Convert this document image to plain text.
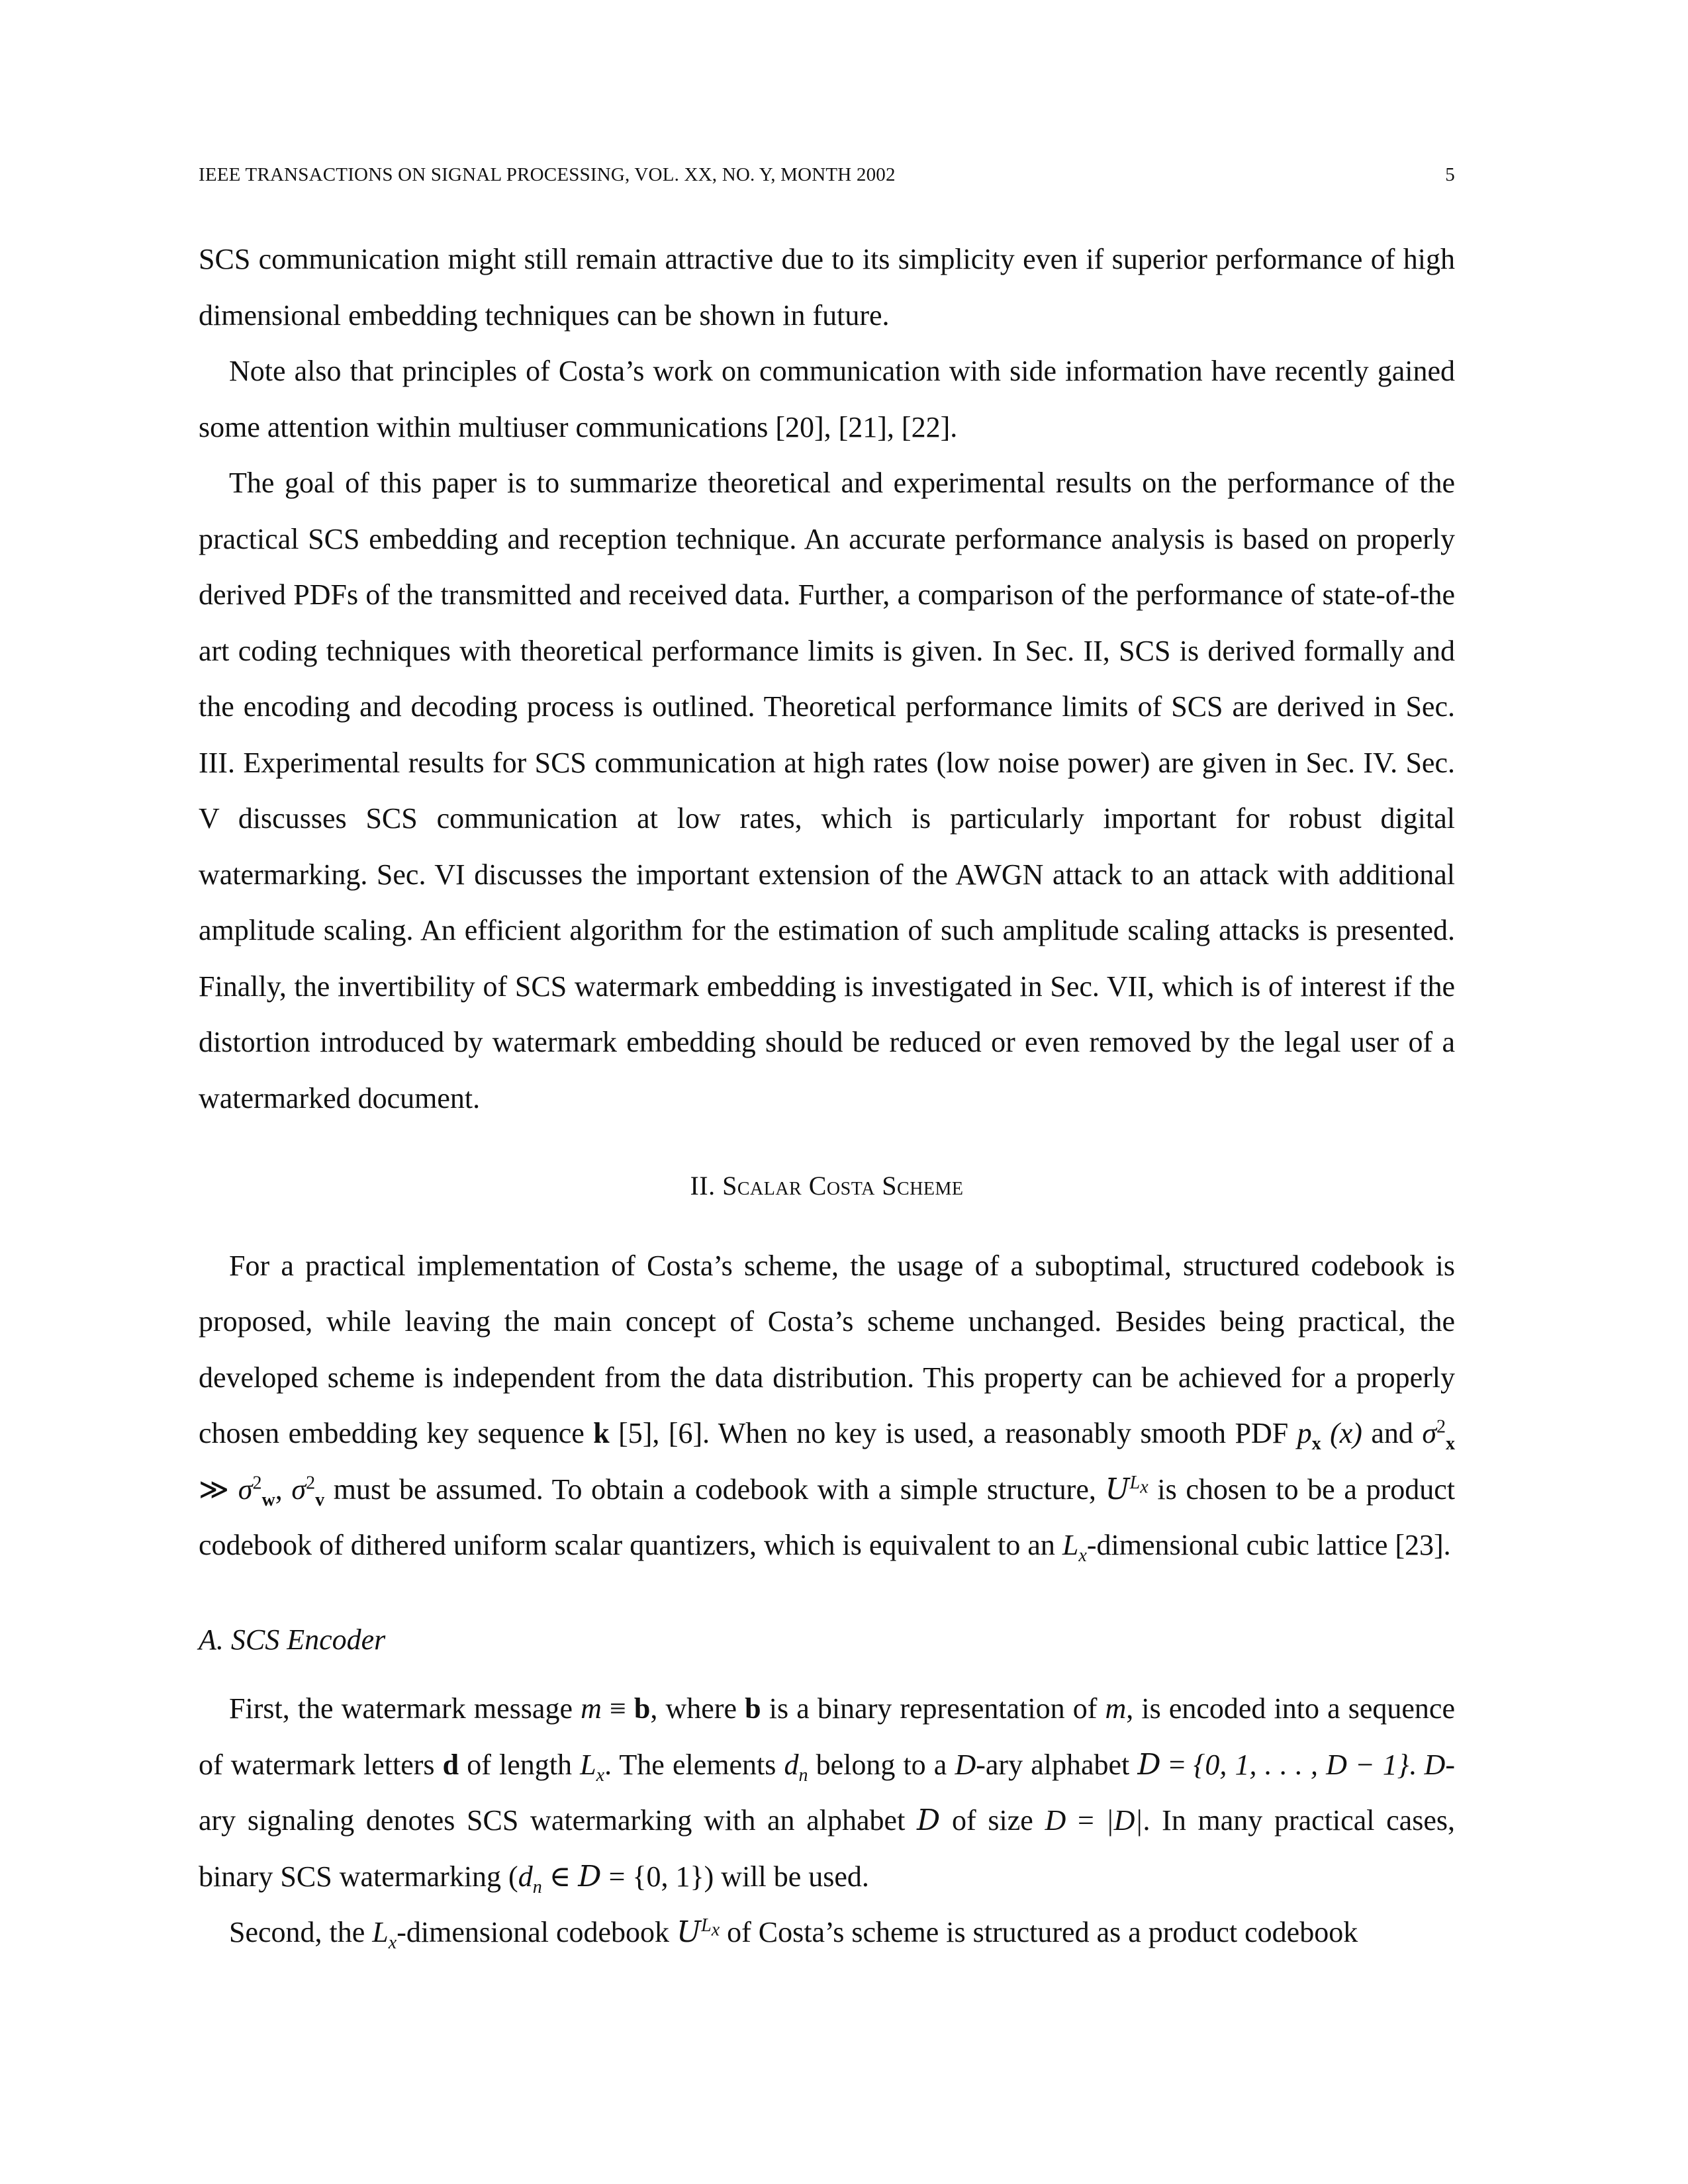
IEEE TRANSACTIONS ON SIGNAL PROCESSING, VOL. XX, NO. Y, MONTH 2002	5

SCS communication might still remain attractive due to its simplicity even if superior performance of high dimensional embedding techniques can be shown in future.

Note also that principles of Costa’s work on communication with side information have recently gained some attention within multiuser communications [20], [21], [22].

The goal of this paper is to summarize theoretical and experimental results on the performance of the practical SCS embedding and reception technique. An accurate performance analysis is based on properly derived PDFs of the transmitted and received data. Further, a comparison of the performance of state-of-the art coding techniques with theoretical performance limits is given. In Sec. II, SCS is derived formally and the encoding and decoding process is outlined. Theoretical performance limits of SCS are derived in Sec. III. Experimental results for SCS communication at high rates (low noise power) are given in Sec. IV. Sec. V discusses SCS communication at low rates, which is particularly important for robust digital watermarking. Sec. VI discusses the important extension of the AWGN attack to an attack with additional amplitude scaling. An efficient algorithm for the estimation of such amplitude scaling attacks is presented. Finally, the invertibility of SCS watermark embedding is investigated in Sec. VII, which is of interest if the distortion introduced by watermark embedding should be reduced or even removed by the legal user of a watermarked document.

II. Scalar Costa Scheme

For a practical implementation of Costa’s scheme, the usage of a suboptimal, structured codebook is proposed, while leaving the main concept of Costa’s scheme unchanged. Besides being practical, the developed scheme is independent from the data distribution. This property can be achieved for a properly chosen embedding key sequence k [5], [6]. When no key is used, a reasonably smooth PDF $p_x$ (x) and $\sigma^2_x$ ≫ $\sigma^2_w$, $\sigma^2_v$ must be assumed. To obtain a codebook with a simple structure, $U^{L_x}$ is chosen to be a product codebook of dithered uniform scalar quantizers, which is equivalent to an $L_x$-dimensional cubic lattice [23].

A. SCS Encoder

First, the watermark message m ≡ b, where b is a binary representation of m, is encoded into a sequence of watermark letters d of length $L_x$. The elements $d_n$ belong to a D-ary alphabet D = {0, 1, . . . , D − 1}. D-ary signaling denotes SCS watermarking with an alphabet D of size D = |D|. In many practical cases, binary SCS watermarking ($d_n$ ∈ D = {0, 1}) will be used.

Second, the $L_x$-dimensional codebook $U^{L_x}$ of Costa’s scheme is structured as a product codebook
